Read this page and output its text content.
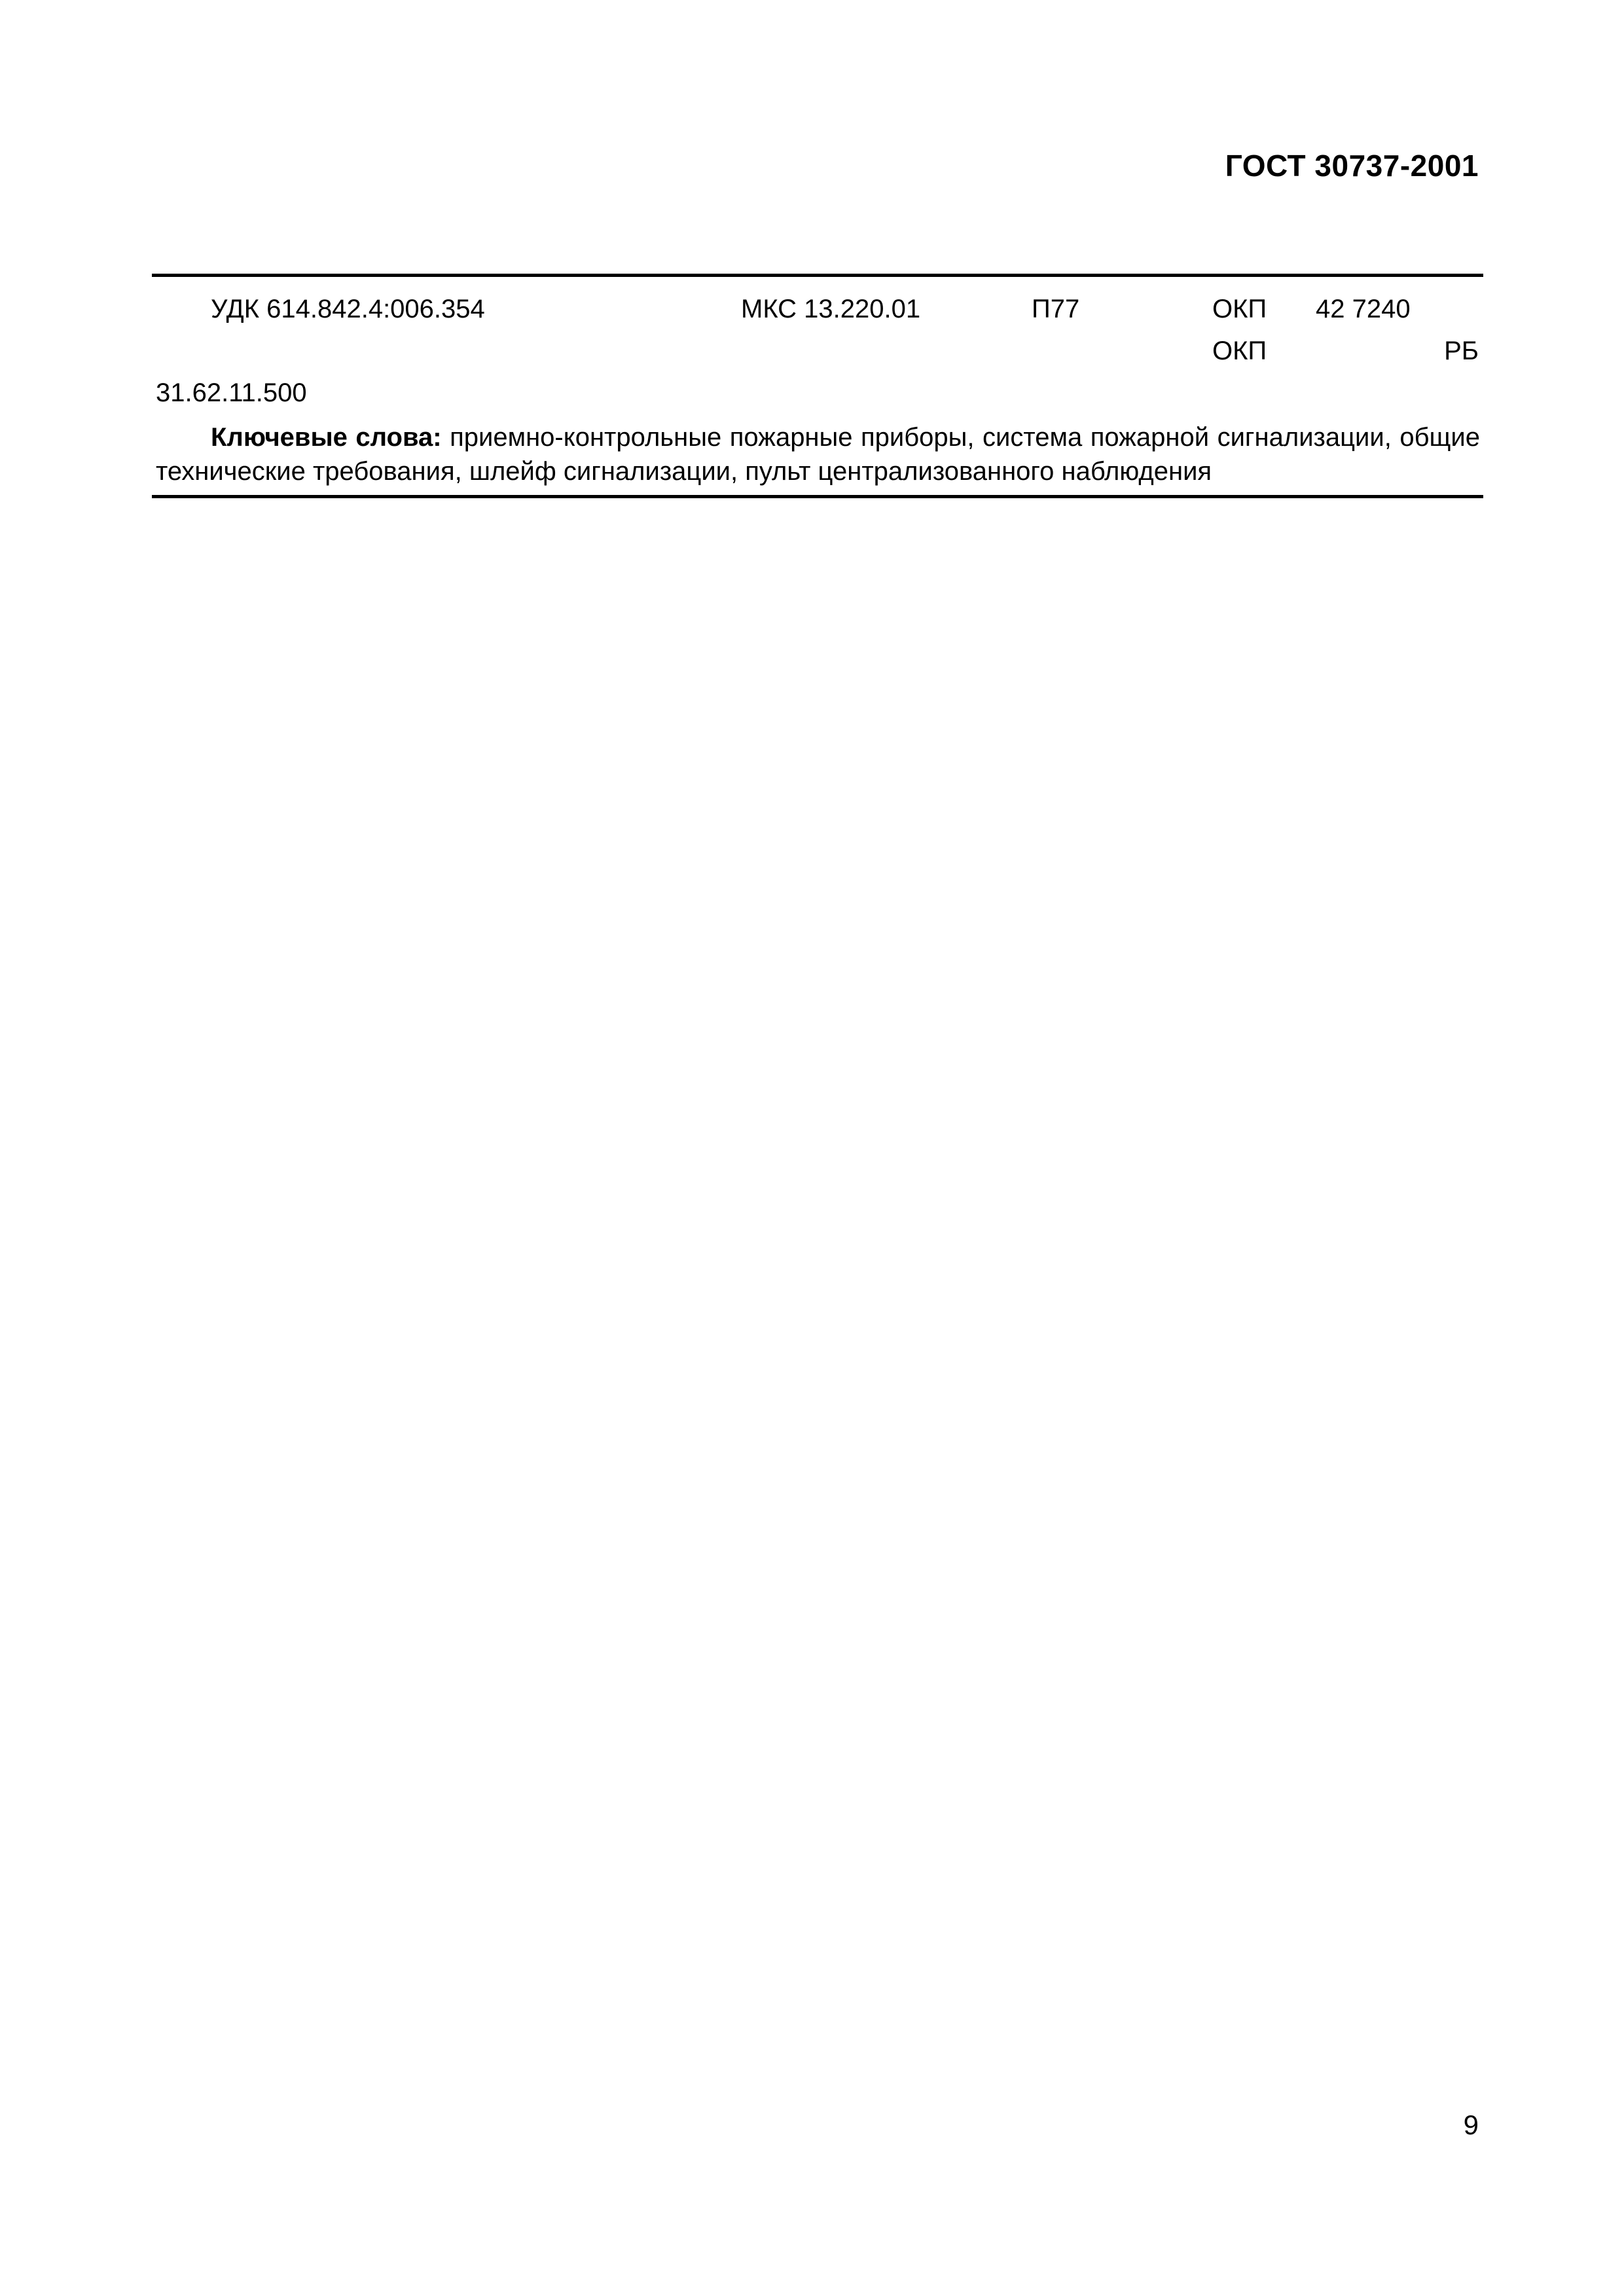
ГОСТ 30737-2001
УДК 614.842.4:006.354	МКС 13.220.01	П77	ОКП 42 7240
ОКП	РБ
31.62.11.500
Ключевые слова: приемно-контрольные пожарные приборы, система пожарной сигнализации, общие технические требования, шлейф сигнализации, пульт централизованного наблюдения
9
